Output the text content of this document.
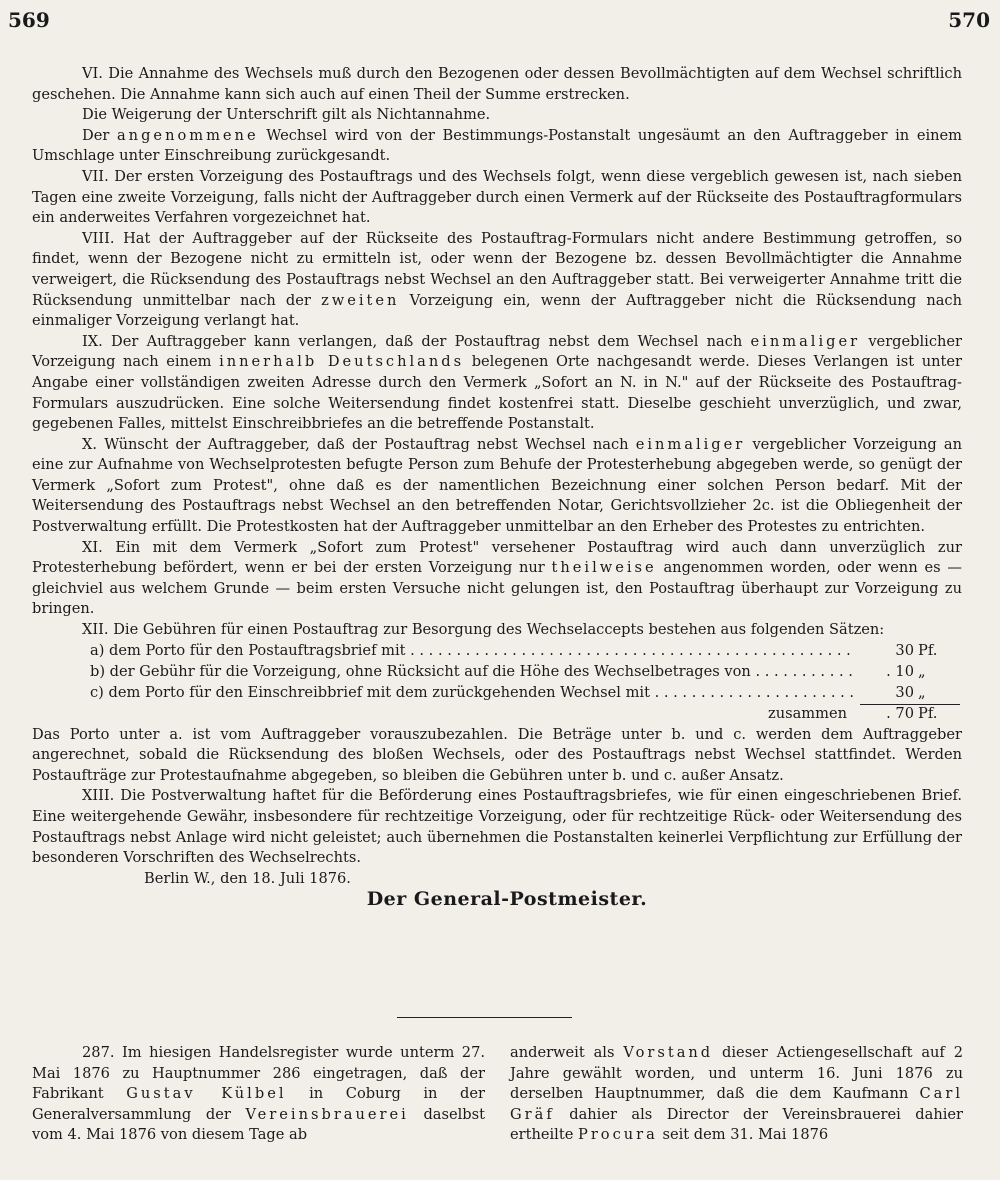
569	570

VI. Die Annahme des Wechsels muß durch den Bezogenen oder dessen Bevollmächtigten auf dem Wechsel schriftlich geschehen. Die Annahme kann sich auch auf einen Theil der Summe erstrecken.

Die Weigerung der Unterschrift gilt als Nichtannahme.

Der angenommene Wechsel wird von der Bestimmungs-Postanstalt ungesäumt an den Auftraggeber in einem Umschlage unter Einschreibung zurückgesandt.

VII. Der ersten Vorzeigung des Postauftrags und des Wechsels folgt, wenn diese vergeblich gewesen ist, nach sieben Tagen eine zweite Vorzeigung, falls nicht der Auftraggeber durch einen Vermerk auf der Rückseite des Postauftragformulars ein anderweites Verfahren vorgezeichnet hat.

VIII. Hat der Auftraggeber auf der Rückseite des Postauftrag-Formulars nicht andere Bestimmung getroffen, so findet, wenn der Bezogene nicht zu ermitteln ist, oder wenn der Bezogene bz. dessen Bevollmächtigter die Annahme verweigert, die Rücksendung des Postauftrags nebst Wechsel an den Auftraggeber statt. Bei verweigerter Annahme tritt die Rücksendung unmittelbar nach der zweiten Vorzeigung ein, wenn der Auftraggeber nicht die Rücksendung nach einmaliger Vorzeigung verlangt hat.

IX. Der Auftraggeber kann verlangen, daß der Postauftrag nebst dem Wechsel nach einmaliger vergeblicher Vorzeigung nach einem innerhalb Deutschlands belegenen Orte nachgesandt werde. Dieses Verlangen ist unter Angabe einer vollständigen zweiten Adresse durch den Vermerk „Sofort an N. in N." auf der Rückseite des Postauftrag-Formulars auszudrücken. Eine solche Weitersendung findet kostenfrei statt. Dieselbe geschieht unverzüglich, und zwar, gegebenen Falles, mittelst Einschreibbriefes an die betreffende Postanstalt.

X. Wünscht der Auftraggeber, daß der Postauftrag nebst Wechsel nach einmaliger vergeblicher Vorzeigung an eine zur Aufnahme von Wechselprotesten befugte Person zum Behufe der Protesterhebung abgegeben werde, so genügt der Vermerk „Sofort zum Protest", ohne daß es der namentlichen Bezeichnung einer solchen Person bedarf. Mit der Weitersendung des Postauftrags nebst Wechsel an den betreffenden Notar, Gerichtsvollzieher 2c. ist die Obliegenheit der Postverwaltung erfüllt. Die Protestkosten hat der Auftraggeber unmittelbar an den Erheber des Protestes zu entrichten.

XI. Ein mit dem Vermerk „Sofort zum Protest" versehener Postauftrag wird auch dann unverzüglich zur Protesterhebung befördert, wenn er bei der ersten Vorzeigung nur theilweise angenommen worden, oder wenn es — gleichviel aus welchem Grunde — beim ersten Versuche nicht gelungen ist, den Postauftrag überhaupt zur Vorzeigung zu bringen.

XII. Die Gebühren für einen Postauftrag zur Besorgung des Wechselaccepts bestehen aus folgenden Sätzen:

a) dem Porto für den Postauftragsbrief mit . . .	30 Pf.
b) der Gebühr für die Vorzeigung, ohne Rücksicht auf die Höhe des Wechselbetrages von . . .	. 10 „
c) dem Porto für den Einschreibbrief mit dem zurückgehenden Wechsel mit . . .	30 „
zusammen	. 70 Pf.

Das Porto unter a. ist vom Auftraggeber vorauszubezahlen. Die Beträge unter b. und c. werden dem Auftraggeber angerechnet, sobald die Rücksendung des bloßen Wechsels, oder des Postauftrags nebst Wechsel stattfindet. Werden Postaufträge zur Protestaufnahme abgegeben, so bleiben die Gebühren unter b. und c. außer Ansatz.

XIII. Die Postverwaltung haftet für die Beförderung eines Postauftragsbriefes, wie für einen eingeschriebenen Brief. Eine weitergehende Gewähr, insbesondere für rechtzeitige Vorzeigung, oder für rechtzeitige Rück- oder Weitersendung des Postauftrags nebst Anlage wird nicht geleistet; auch übernehmen die Postanstalten keinerlei Verpflichtung zur Erfüllung der besonderen Vorschriften des Wechselrechts.

Berlin W., den 18. Juli 1876.

Der General-Postmeister.

287. Im hiesigen Handelsregister wurde unterm 27. Mai 1876 zu Hauptnummer 286 eingetragen, daß der Fabrikant Gustav Külbel in Coburg in der Generalversammlung der Vereinsbrauerei daselbst vom 4. Mai 1876 von diesem Tage ab

anderweit als Vorstand dieser Actiengesellschaft auf 2 Jahre gewählt worden, und unterm 16. Juni 1876 zu derselben Hauptnummer, daß die dem Kaufmann Carl Gräf dahier als Director der Vereinsbrauerei dahier ertheilte Procura seit dem 31. Mai 1876
